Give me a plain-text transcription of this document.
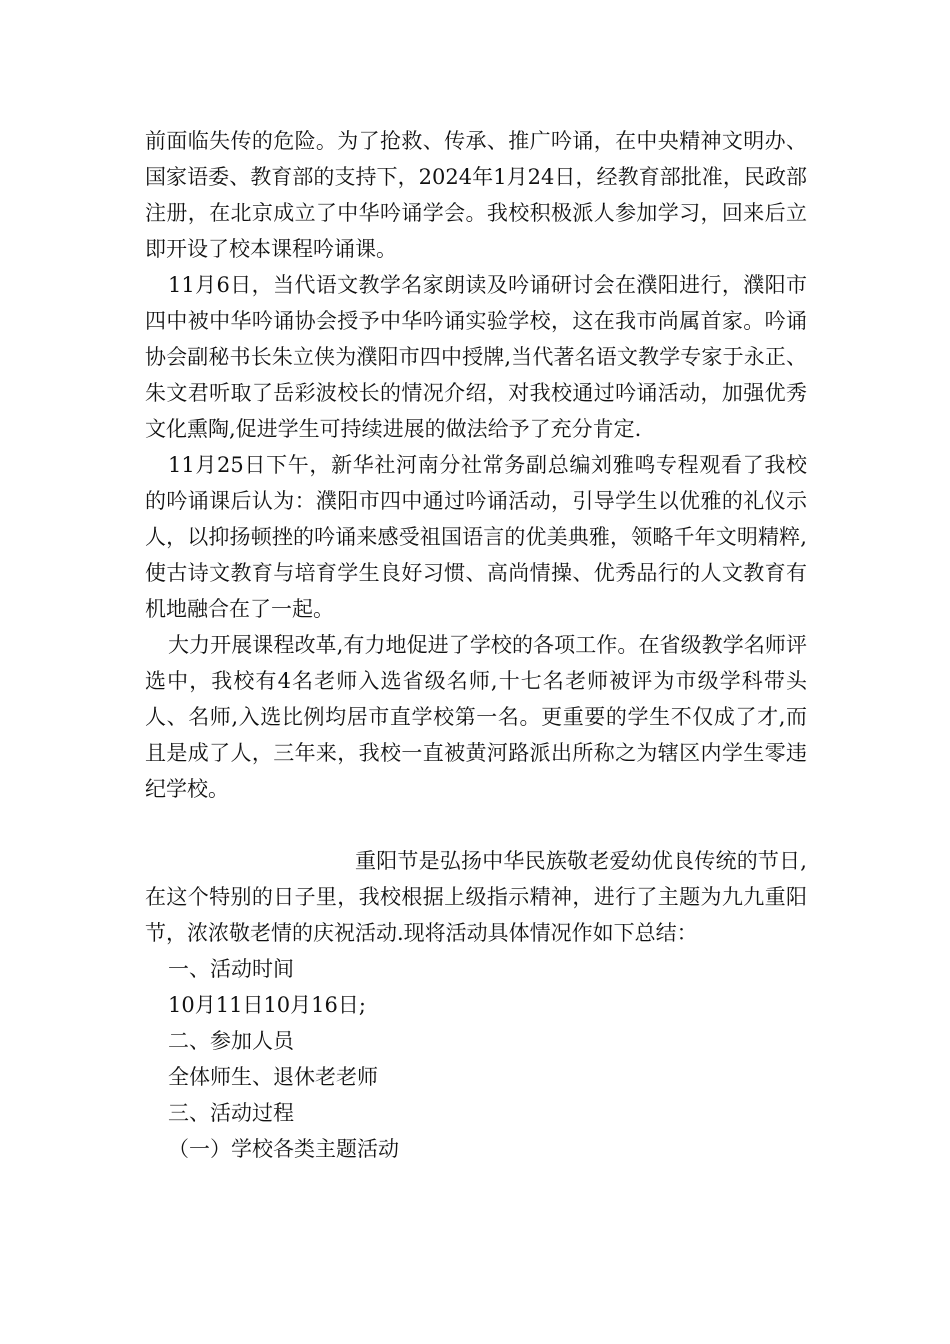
前面临失传的危险。为了抢救、传承、推广吟诵，在中央精神文明办、国家语委、教育部的支持下，2024年1月24日，经教育部批准，民政部注册，在北京成立了中华吟诵学会。我校积极派人参加学习，回来后立即开设了校本课程吟诵课。

11月6日，当代语文教学名家朗读及吟诵研讨会在濮阳进行，濮阳市四中被中华吟诵协会授予中华吟诵实验学校，这在我市尚属首家。吟诵协会副秘书长朱立侠为濮阳市四中授牌,当代著名语文教学专家于永正、朱文君听取了岳彩波校长的情况介绍，对我校通过吟诵活动，加强优秀文化熏陶,促进学生可持续进展的做法给予了充分肯定.

11月25日下午，新华社河南分社常务副总编刘雅鸣专程观看了我校的吟诵课后认为：濮阳市四中通过吟诵活动，引导学生以优雅的礼仪示人，以抑扬顿挫的吟诵来感受祖国语言的优美典雅，领略千年文明精粹,使古诗文教育与培育学生良好习惯、高尚情操、优秀品行的人文教育有机地融合在了一起。

大力开展课程改革,有力地促进了学校的各项工作。在省级教学名师评选中，我校有4名老师入选省级名师,十七名老师被评为市级学科带头人、名师,入选比例均居市直学校第一名。更重要的学生不仅成了才,而且是成了人，三年来，我校一直被黄河路派出所称之为辖区内学生零违纪学校。

重阳节是弘扬中华民族敬老爱幼优良传统的节日,在这个特别的日子里，我校根据上级指示精神，进行了主题为九九重阳节，浓浓敬老情的庆祝活动.现将活动具体情况作如下总结：

一、活动时间

10月11日10月16日;

二、参加人员

全体师生、退休老老师

三、活动过程

（一）学校各类主题活动
